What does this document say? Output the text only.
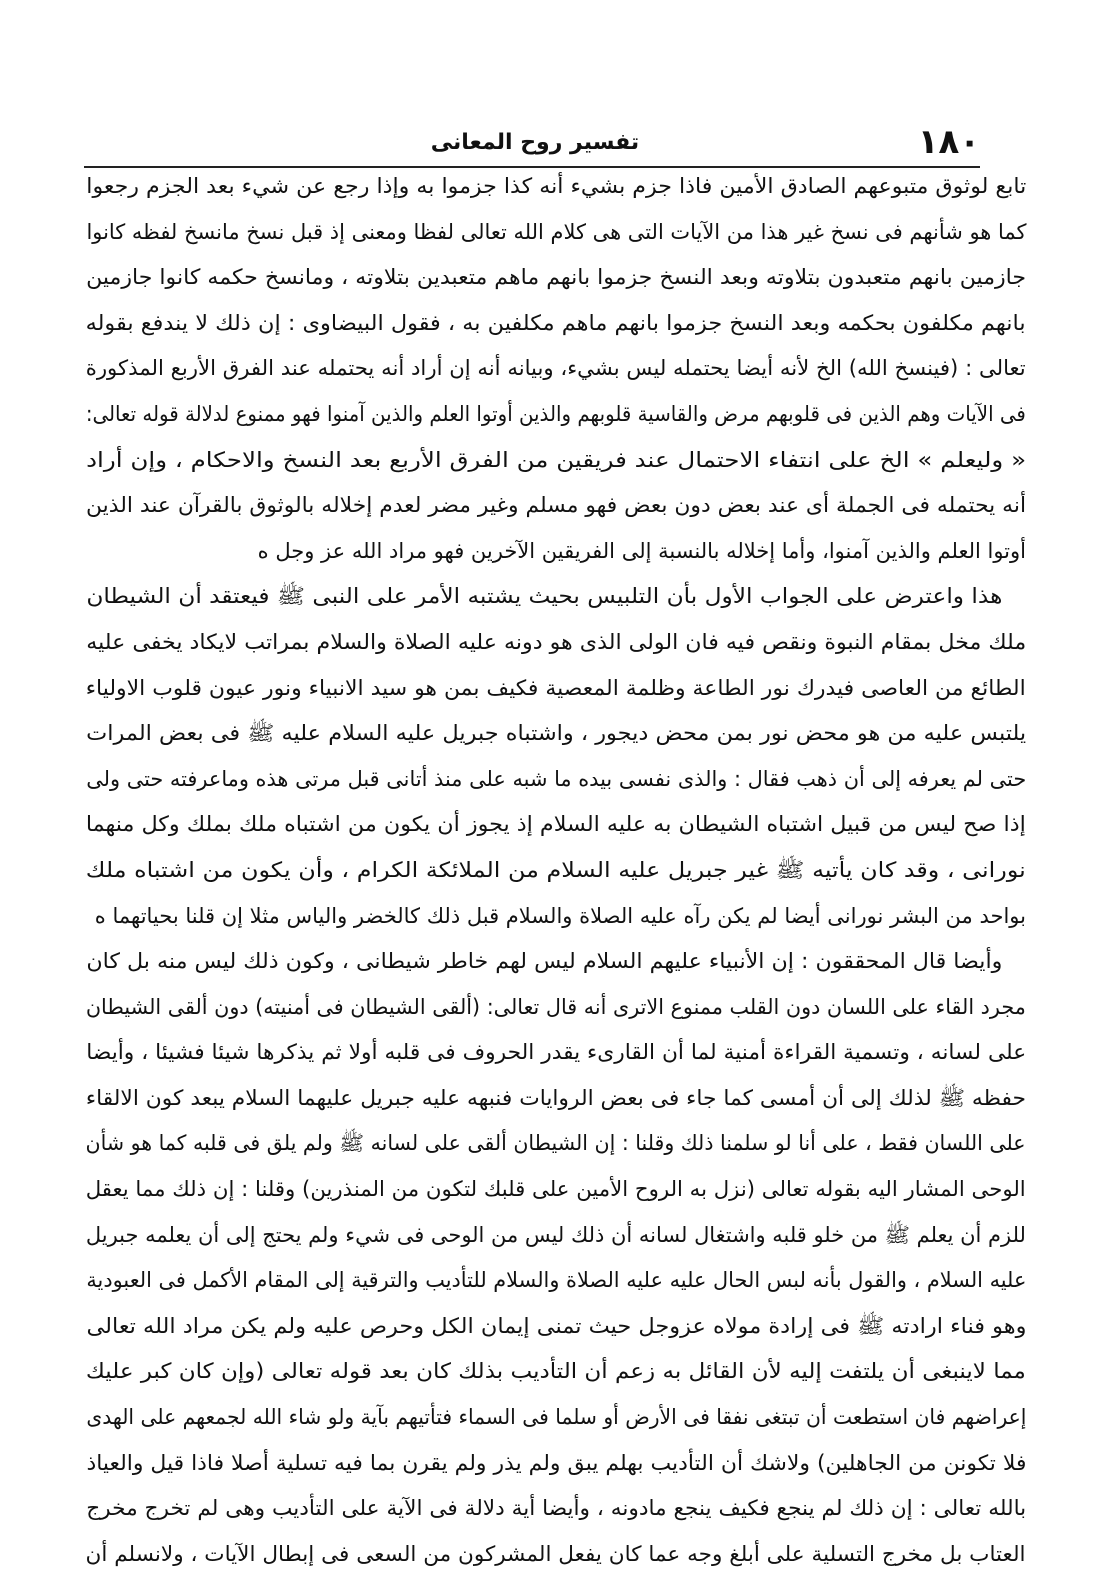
١٨٠
تفسير روح المعانى
تابع لوثوق متبوعهم الصادق الأمين فاذا جزم بشيء أنه كذا جزموا به وإذا رجع عن شيء بعد الجزم رجعوا
كما هو شأنهم فى نسخ غير هذا من الآيات التى هى كلام الله تعالى لفظا ومعنى إذ قبل نسخ مانسخ لفظه كانوا
جازمين بانهم متعبدون بتلاوته وبعد النسخ جزموا بانهم ماهم متعبدين بتلاوته ، ومانسخ حكمه كانوا جازمين
بانهم مكلفون بحكمه وبعد النسخ جزموا بانهم ماهم مكلفين به ، فقول البيضاوى : إن ذلك لا يندفع بقوله
تعالى : (فينسخ الله) الخ لأنه أيضا يحتمله ليس بشيء، وبيانه أنه إن أراد أنه يحتمله عند الفرق الأربع المذكورة
فى الآيات وهم الذين فى قلوبهم مرض والقاسية قلوبهم والذين أوتوا العلم والذين آمنوا فهو ممنوع لدلالة قوله تعالى:
« وليعلم » الخ على انتفاء الاحتمال عند فريقين من الفرق الأربع بعد النسخ والاحكام ، وإن أراد
أنه يحتمله فى الجملة أى عند بعض دون بعض فهو مسلم وغير مضر لعدم إخلاله بالوثوق بالقرآن عند الذين
أوتوا العلم والذين آمنوا، وأما إخلاله بالنسبة إلى الفريقين الآخرين فهو مراد الله عز وجل ه
هذا واعترض على الجواب الأول بأن التلبيس بحيث يشتبه الأمر على النبى ﷺ فيعتقد أن الشيطان
ملك مخل بمقام النبوة ونقص فيه فان الولى الذى هو دونه عليه الصلاة والسلام بمراتب لايكاد يخفى عليه
الطائع من العاصى فيدرك نور الطاعة وظلمة المعصية فكيف بمن هو سيد الانبياء ونور عيون قلوب الاولياء
يلتبس عليه من هو محض نور بمن محض ديجور ، واشتباه جبريل عليه السلام عليه ﷺ فى بعض المرات
حتى لم يعرفه إلى أن ذهب فقال : والذى نفسى بيده ما شبه على منذ أتانى قبل مرتى هذه وماعرفته حتى ولى
إذا صح ليس من قبيل اشتباه الشيطان به عليه السلام إذ يجوز أن يكون من اشتباه ملك بملك وكل منهما
نورانى ، وقد كان يأتيه ﷺ غير جبريل عليه السلام من الملائكة الكرام ، وأن يكون من اشتباه ملك
بواحد من البشر نورانى أيضا لم يكن رآه عليه الصلاة والسلام قبل ذلك كالخضر والياس مثلا إن قلنا بحياتهما ه
وأيضا قال المحققون : إن الأنبياء عليهم السلام ليس لهم خاطر شيطانى ، وكون ذلك ليس منه بل كان
مجرد القاء على اللسان دون القلب ممنوع الاترى أنه قال تعالى: (ألقى الشيطان فى أمنيته) دون ألقى الشيطان
على لسانه ، وتسمية القراءة أمنية لما أن القارىء يقدر الحروف فى قلبه أولا ثم يذكرها شيئا فشيئا ، وأيضا
حفظه ﷺ لذلك إلى أن أمسى كما جاء فى بعض الروايات فنبهه عليه جبريل عليهما السلام يبعد كون الالقاء
على اللسان فقط ، على أنا لو سلمنا ذلك وقلنا : إن الشيطان ألقى على لسانه ﷺ ولم يلق فى قلبه كما هو شأن
الوحى المشار اليه بقوله تعالى (نزل به الروح الأمين على قلبك لتكون من المنذرين) وقلنا : إن ذلك مما يعقل
للزم أن يعلم ﷺ من خلو قلبه واشتغال لسانه أن ذلك ليس من الوحى فى شيء ولم يحتج إلى أن يعلمه جبريل
عليه السلام ، والقول بأنه لبس الحال عليه عليه الصلاة والسلام للتأديب والترقية إلى المقام الأكمل فى العبودية
وهو فناء ارادته ﷺ فى إرادة مولاه عزوجل حيث تمنى إيمان الكل وحرص عليه ولم يكن مراد الله تعالى
مما لاينبغى أن يلتفت إليه لأن القائل به زعم أن التأديب بذلك كان بعد قوله تعالى (وإن كان كبر عليك
إعراضهم فان استطعت أن تبتغى نفقا فى الأرض أو سلما فى السماء فتأتيهم بآية ولو شاء الله لجمعهم على الهدى
فلا تكونن من الجاهلين) ولاشك أن التأديب بهلم يبق ولم يذر ولم يقرن بما فيه تسلية أصلا فاذا قيل والعياذ
بالله تعالى : إن ذلك لم ينجع فكيف ينجع مادونه ، وأيضا أية دلالة فى الآية على التأديب وهى لم تخرج مخرج
العتاب بل مخرج التسلية على أبلغ وجه عما كان يفعل المشركون من السعى فى إبطال الآيات ، ولانسلم أن
